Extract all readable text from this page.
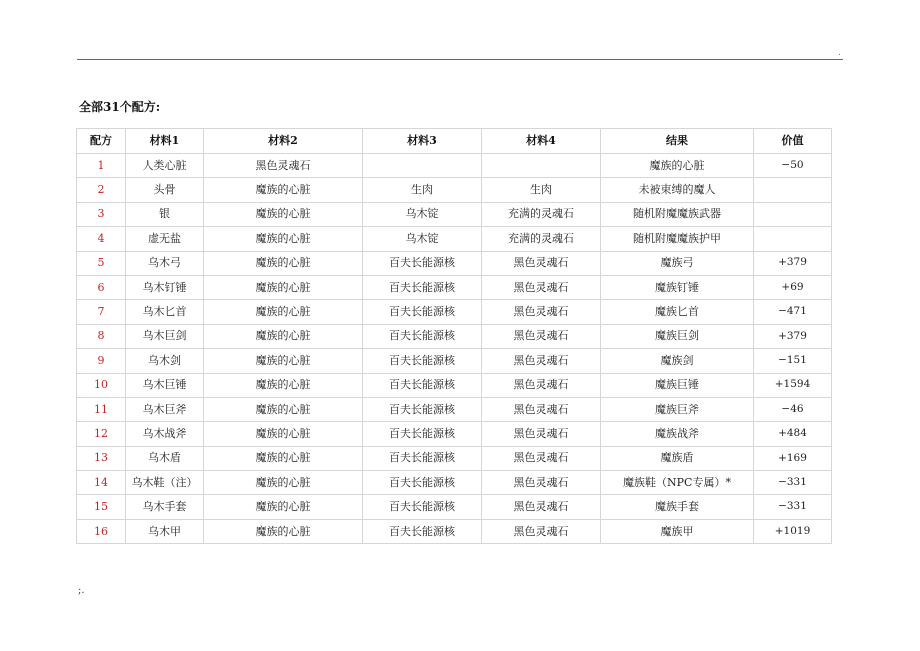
.
全部31个配方:
配方	材料1	材料2	材料3	材料4	结果	价值
1	人类心脏	黑色灵魂石			魔族的心脏	−50
2	头骨	魔族的心脏	生肉	生肉	未被束缚的魔人	
3	银	魔族的心脏	乌木锭	充满的灵魂石	随机附魔魔族武器	
4	虚无盐	魔族的心脏	乌木锭	充满的灵魂石	随机附魔魔族护甲	
5	乌木弓	魔族的心脏	百夫长能源核	黑色灵魂石	魔族弓	+379
6	乌木钉锤	魔族的心脏	百夫长能源核	黑色灵魂石	魔族钉锤	+69
7	乌木匕首	魔族的心脏	百夫长能源核	黑色灵魂石	魔族匕首	−471
8	乌木巨剑	魔族的心脏	百夫长能源核	黑色灵魂石	魔族巨剑	+379
9	乌木剑	魔族的心脏	百夫长能源核	黑色灵魂石	魔族剑	−151
10	乌木巨锤	魔族的心脏	百夫长能源核	黑色灵魂石	魔族巨锤	+1594
11	乌木巨斧	魔族的心脏	百夫长能源核	黑色灵魂石	魔族巨斧	−46
12	乌木战斧	魔族的心脏	百夫长能源核	黑色灵魂石	魔族战斧	+484
13	乌木盾	魔族的心脏	百夫长能源核	黑色灵魂石	魔族盾	+169
14	乌木鞋（注）	魔族的心脏	百夫长能源核	黑色灵魂石	魔族鞋（NPC专属）*	−331
15	乌木手套	魔族的心脏	百夫长能源核	黑色灵魂石	魔族手套	−331
16	乌木甲	魔族的心脏	百夫长能源核	黑色灵魂石	魔族甲	+1019
;.
